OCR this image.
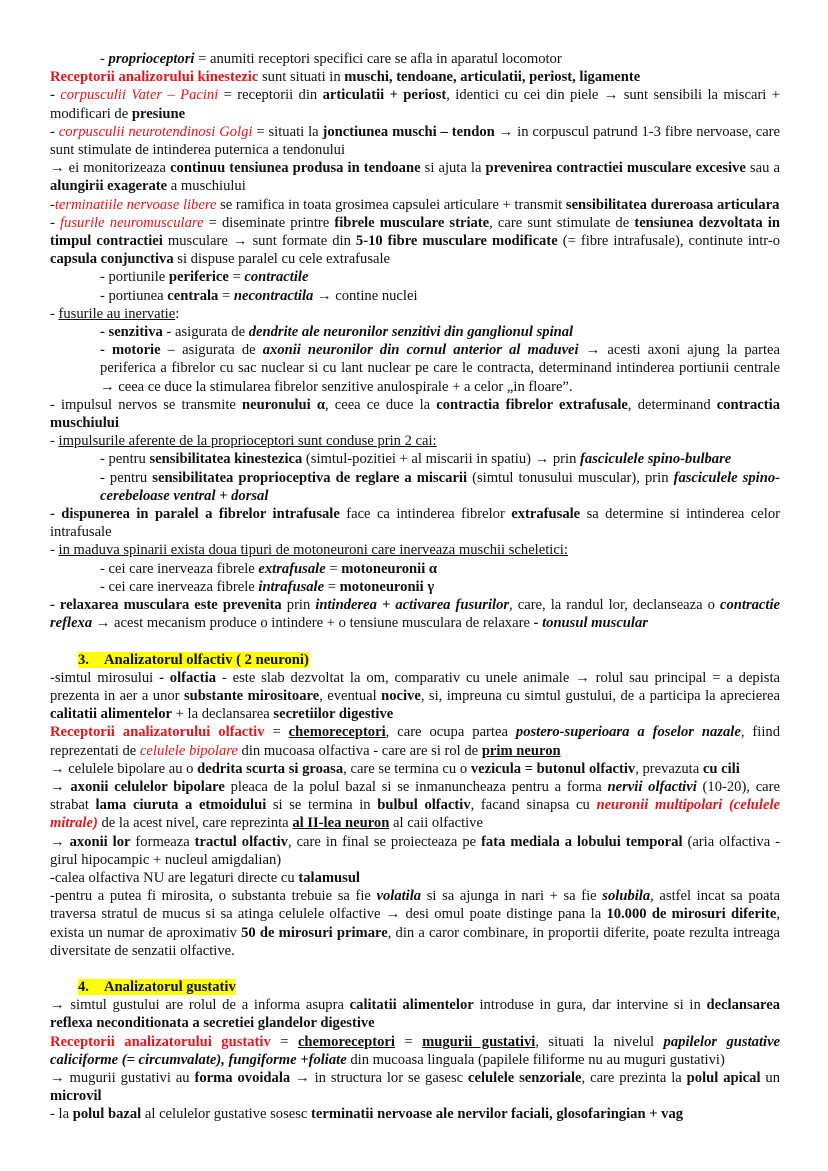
- proprioceptori = anumiti receptori specifici care se afla in aparatul locomotor

Receptorii analizorului kinestezic sunt situati in muschi, tendoane, articulatii, periost, ligamente

- corpusculii Vater – Pacini = receptorii din articulatii + periost, identici cu cei din piele → sunt sensibili la miscari + modificari de presiune

- corpusculii neurotendinosi Golgi = situati la jonctiunea muschi – tendon → in corpuscul patrund 1-3 fibre nervoase, care sunt stimulate de intinderea puternica a tendonului

→ ei monitorizeaza continuu tensiunea produsa in tendoane si ajuta la prevenirea contractiei musculare excesive sau a alungirii exagerate a muschiului

-terminatiile nervoase libere se ramifica in toata grosimea capsulei articulare + transmit sensibilitatea dureroasa articulara

- fusurile neuromusculare = diseminate printre fibrele musculare striate, care sunt stimulate de tensiunea dezvoltata in timpul contractiei musculare → sunt formate din 5-10 fibre musculare modificate (= fibre intrafusale), continute intr-o capsula conjunctiva si dispuse paralel cu cele extrafusale

- portiunile periferice = contractile

- portiunea centrala = necontractila → contine nuclei

- fusurile au inervatie:

- senzitiva - asigurata de dendrite ale neuronilor senzitivi din ganglionul spinal

- motorie – asigurata de axonii neuronilor din cornul anterior al maduvei → acesti axoni ajung la partea periferica a fibrelor cu sac nuclear si cu lant nuclear pe care le contracta, determinand intinderea portiunii centrale → ceea ce duce la stimularea fibrelor senzitive anulospirale + a celor „in floare”.

- impulsul nervos se transmite neuronului α, ceea ce duce la contractia fibrelor extrafusale, determinand contractia muschiului

- impulsurile aferente de la proprioceptori sunt conduse prin 2 cai:

- pentru sensibilitatea kinestezica (simtul-pozitiei + al miscarii in spatiu) → prin fasciculele spino-bulbare

- pentru sensibilitatea proprioceptiva de reglare a miscarii (simtul tonusului muscular), prin fasciculele spino-cerebeloase ventral + dorsal

- dispunerea in paralel a fibrelor intrafusale face ca intinderea fibrelor extrafusale sa determine si intinderea celor intrafusale

- in maduva spinarii exista doua tipuri de motoneuroni care inerveaza muschii scheletici:

- cei care inerveaza fibrele extrafusale = motoneuronii α

- cei care inerveaza fibrele intrafusale = motoneuronii γ

- relaxarea musculara este prevenita prin intinderea + activarea fusurilor, care, la randul lor, declanseaza o contractie reflexa → acest mecanism produce o intindere + o tensiune musculara de relaxare - tonusul muscular

3. Analizatorul olfactiv ( 2 neuroni)

-simtul mirosului - olfactia - este slab dezvoltat la om, comparativ cu unele animale → rolul sau principal = a depista prezenta in aer a unor substante mirositoare, eventual nocive, si, impreuna cu simtul gustului, de a participa la aprecierea calitatii alimentelor + la declansarea secretiilor digestive

Receptorii analizatorului olfactiv = chemoreceptori, care ocupa partea postero-superioara a foselor nazale, fiind reprezentati de celulele bipolare din mucoasa olfactiva - care are si rol de prim neuron

→ celulele bipolare au o dedrita scurta si groasa, care se termina cu o vezicula = butonul olfactiv, prevazuta cu cili

→ axonii celulelor bipolare pleaca de la polul bazal si se inmanuncheaza pentru a forma nervii olfactivi (10-20), care strabat lama ciuruta a etmoidului si se termina in bulbul olfactiv, facand sinapsa cu neuronii multipolari (celulele mitrale) de la acest nivel, care reprezinta al II-lea neuron al caii olfactive

→ axonii lor formeaza tractul olfactiv, care in final se proiecteaza pe fata mediala a lobului temporal (aria olfactiva - girul hipocampic + nucleul amigdalian)

-calea olfactiva NU are legaturi directe cu talamusul

-pentru a putea fi mirosita, o substanta trebuie sa fie volatila si sa ajunga in nari + sa fie solubila, astfel incat sa poata traversa stratul de mucus si sa atinga celulele olfactive → desi omul poate distinge pana la 10.000 de mirosuri diferite, exista un numar de aproximativ 50 de mirosuri primare, din a caror combinare, in proportii diferite, poate rezulta intreaga diversitate de senzatii olfactive.

4. Analizatorul gustativ

→ simtul gustului are rolul de a informa asupra calitatii alimentelor introduse in gura, dar intervine si in declansarea reflexa neconditionata a secretiei glandelor digestive

Receptorii analizatorului gustativ = chemoreceptori = mugurii gustativi, situati la nivelul papilelor gustative caliciforme (= circumvalate), fungiforme +foliate din mucoasa linguala (papilele filiforme nu au muguri gustativi)

→ mugurii gustativi au forma ovoidala → in structura lor se gasesc celulele senzoriale, care prezinta la polul apical un microvil

- la polul bazal al celulelor gustative sosesc terminatii nervoase ale nervilor faciali, glosofaringian + vag
